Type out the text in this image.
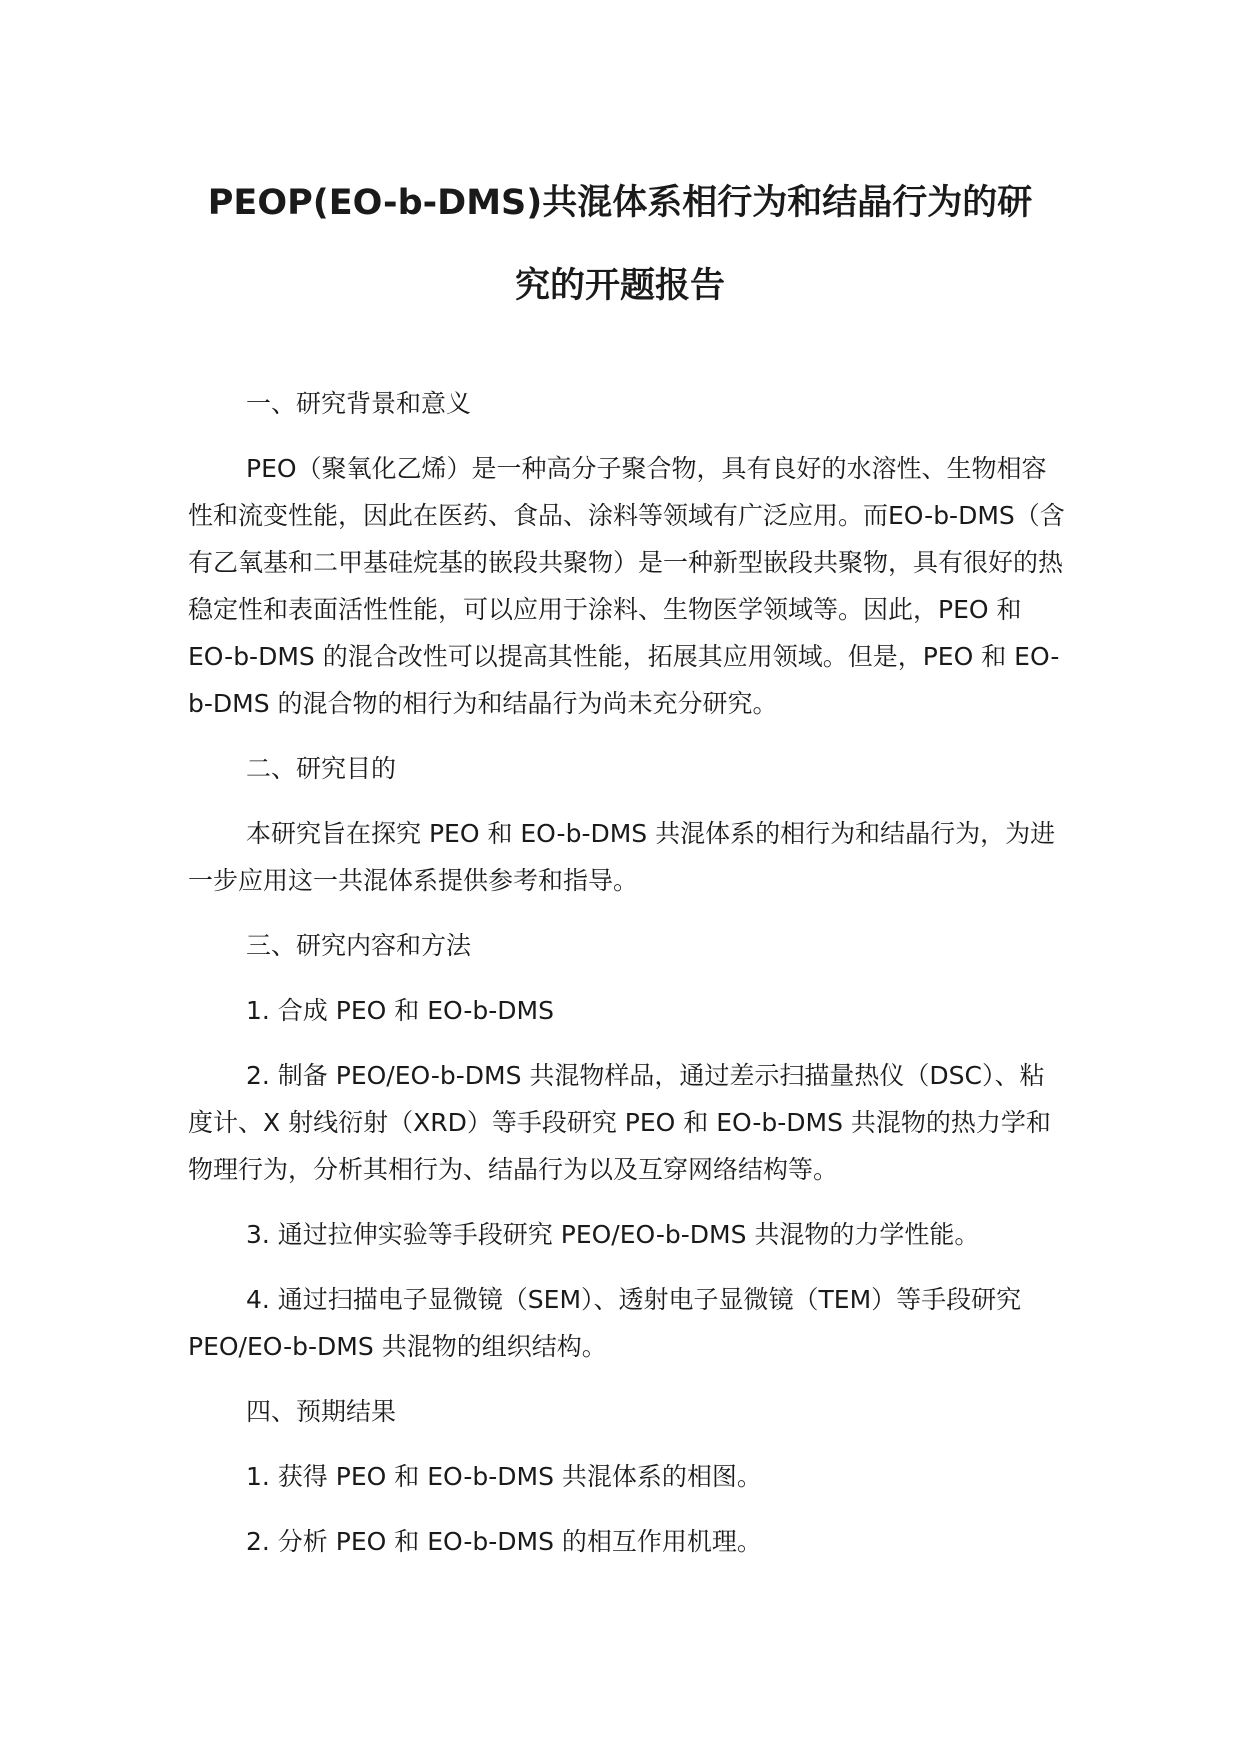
PEOP(EO-b-DMS)共混体系相行为和结晶行为的研
究的开题报告

一、研究背景和意义

PEO（聚氧化乙烯）是一种高分子聚合物，具有良好的水溶性、生物相容性和流变性能，因此在医药、食品、涂料等领域有广泛应用。而EO-b-DMS（含有乙氧基和二甲基硅烷基的嵌段共聚物）是一种新型嵌段共聚物，具有很好的热稳定性和表面活性性能，可以应用于涂料、生物医学领域等。因此，PEO 和 EO-b-DMS 的混合改性可以提高其性能，拓展其应用领域。但是，PEO 和 EO-b-DMS 的混合物的相行为和结晶行为尚未充分研究。

二、研究目的

本研究旨在探究 PEO 和 EO-b-DMS 共混体系的相行为和结晶行为，为进一步应用这一共混体系提供参考和指导。

三、研究内容和方法

1. 合成 PEO 和 EO-b-DMS

2. 制备 PEO/EO-b-DMS 共混物样品，通过差示扫描量热仪（DSC）、粘度计、X 射线衍射（XRD）等手段研究 PEO 和 EO-b-DMS 共混物的热力学和物理行为，分析其相行为、结晶行为以及互穿网络结构等。

3. 通过拉伸实验等手段研究 PEO/EO-b-DMS 共混物的力学性能。

4. 通过扫描电子显微镜（SEM）、透射电子显微镜（TEM）等手段研究 PEO/EO-b-DMS 共混物的组织结构。

四、预期结果

1. 获得 PEO 和 EO-b-DMS 共混体系的相图。

2. 分析 PEO 和 EO-b-DMS 的相互作用机理。
